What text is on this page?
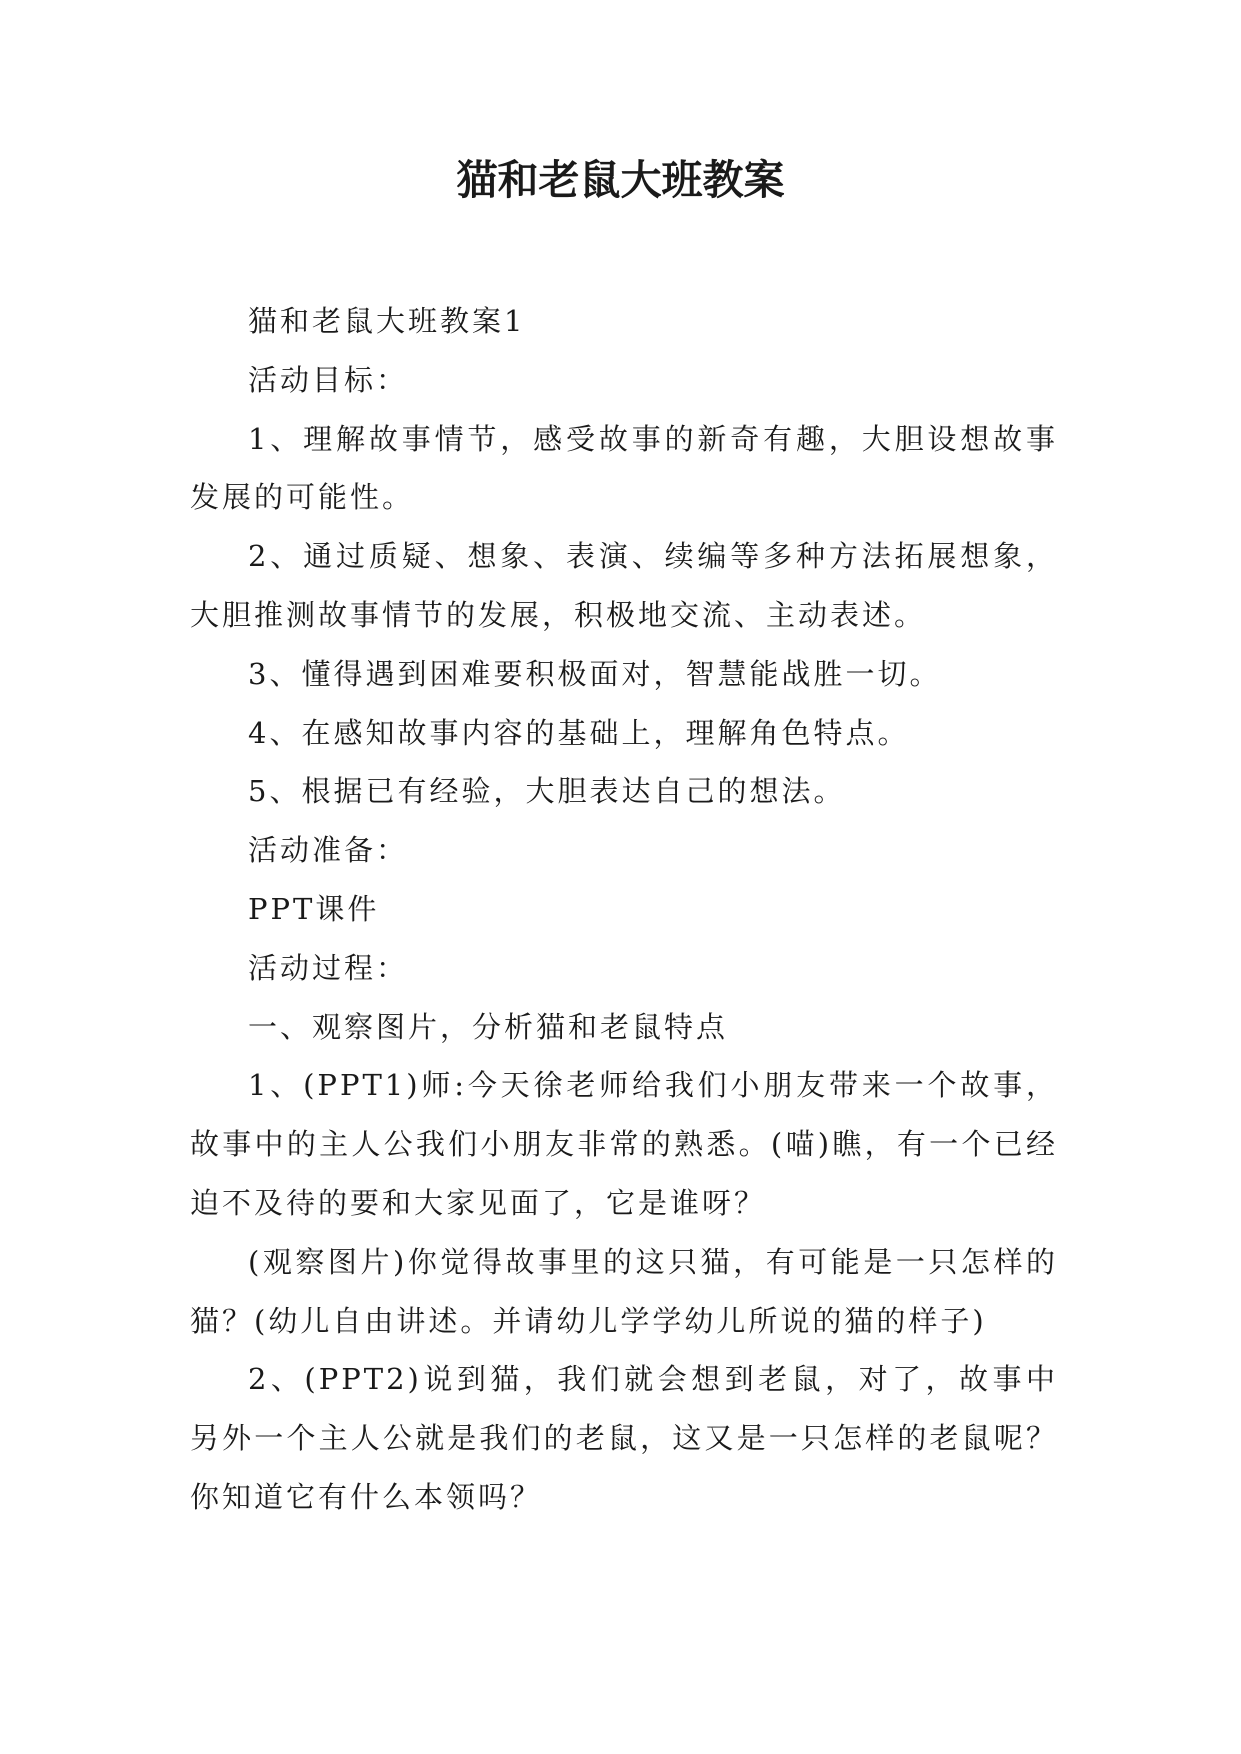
猫和老鼠大班教案

猫和老鼠大班教案1

活动目标：

1、理解故事情节，感受故事的新奇有趣，大胆设想故事发展的可能性。

2、通过质疑、想象、表演、续编等多种方法拓展想象，大胆推测故事情节的发展，积极地交流、主动表述。

3、懂得遇到困难要积极面对，智慧能战胜一切。

4、在感知故事内容的基础上，理解角色特点。

5、根据已有经验，大胆表达自己的想法。

活动准备：

PPT课件

活动过程：

一、观察图片，分析猫和老鼠特点

1、(PPT1)师:今天徐老师给我们小朋友带来一个故事，故事中的主人公我们小朋友非常的熟悉。(喵)瞧，有一个已经迫不及待的要和大家见面了，它是谁呀？

(观察图片)你觉得故事里的这只猫，有可能是一只怎样的猫？(幼儿自由讲述。并请幼儿学学幼儿所说的猫的样子)

2、(PPT2)说到猫，我们就会想到老鼠，对了，故事中另外一个主人公就是我们的老鼠，这又是一只怎样的老鼠呢？你知道它有什么本领吗？
